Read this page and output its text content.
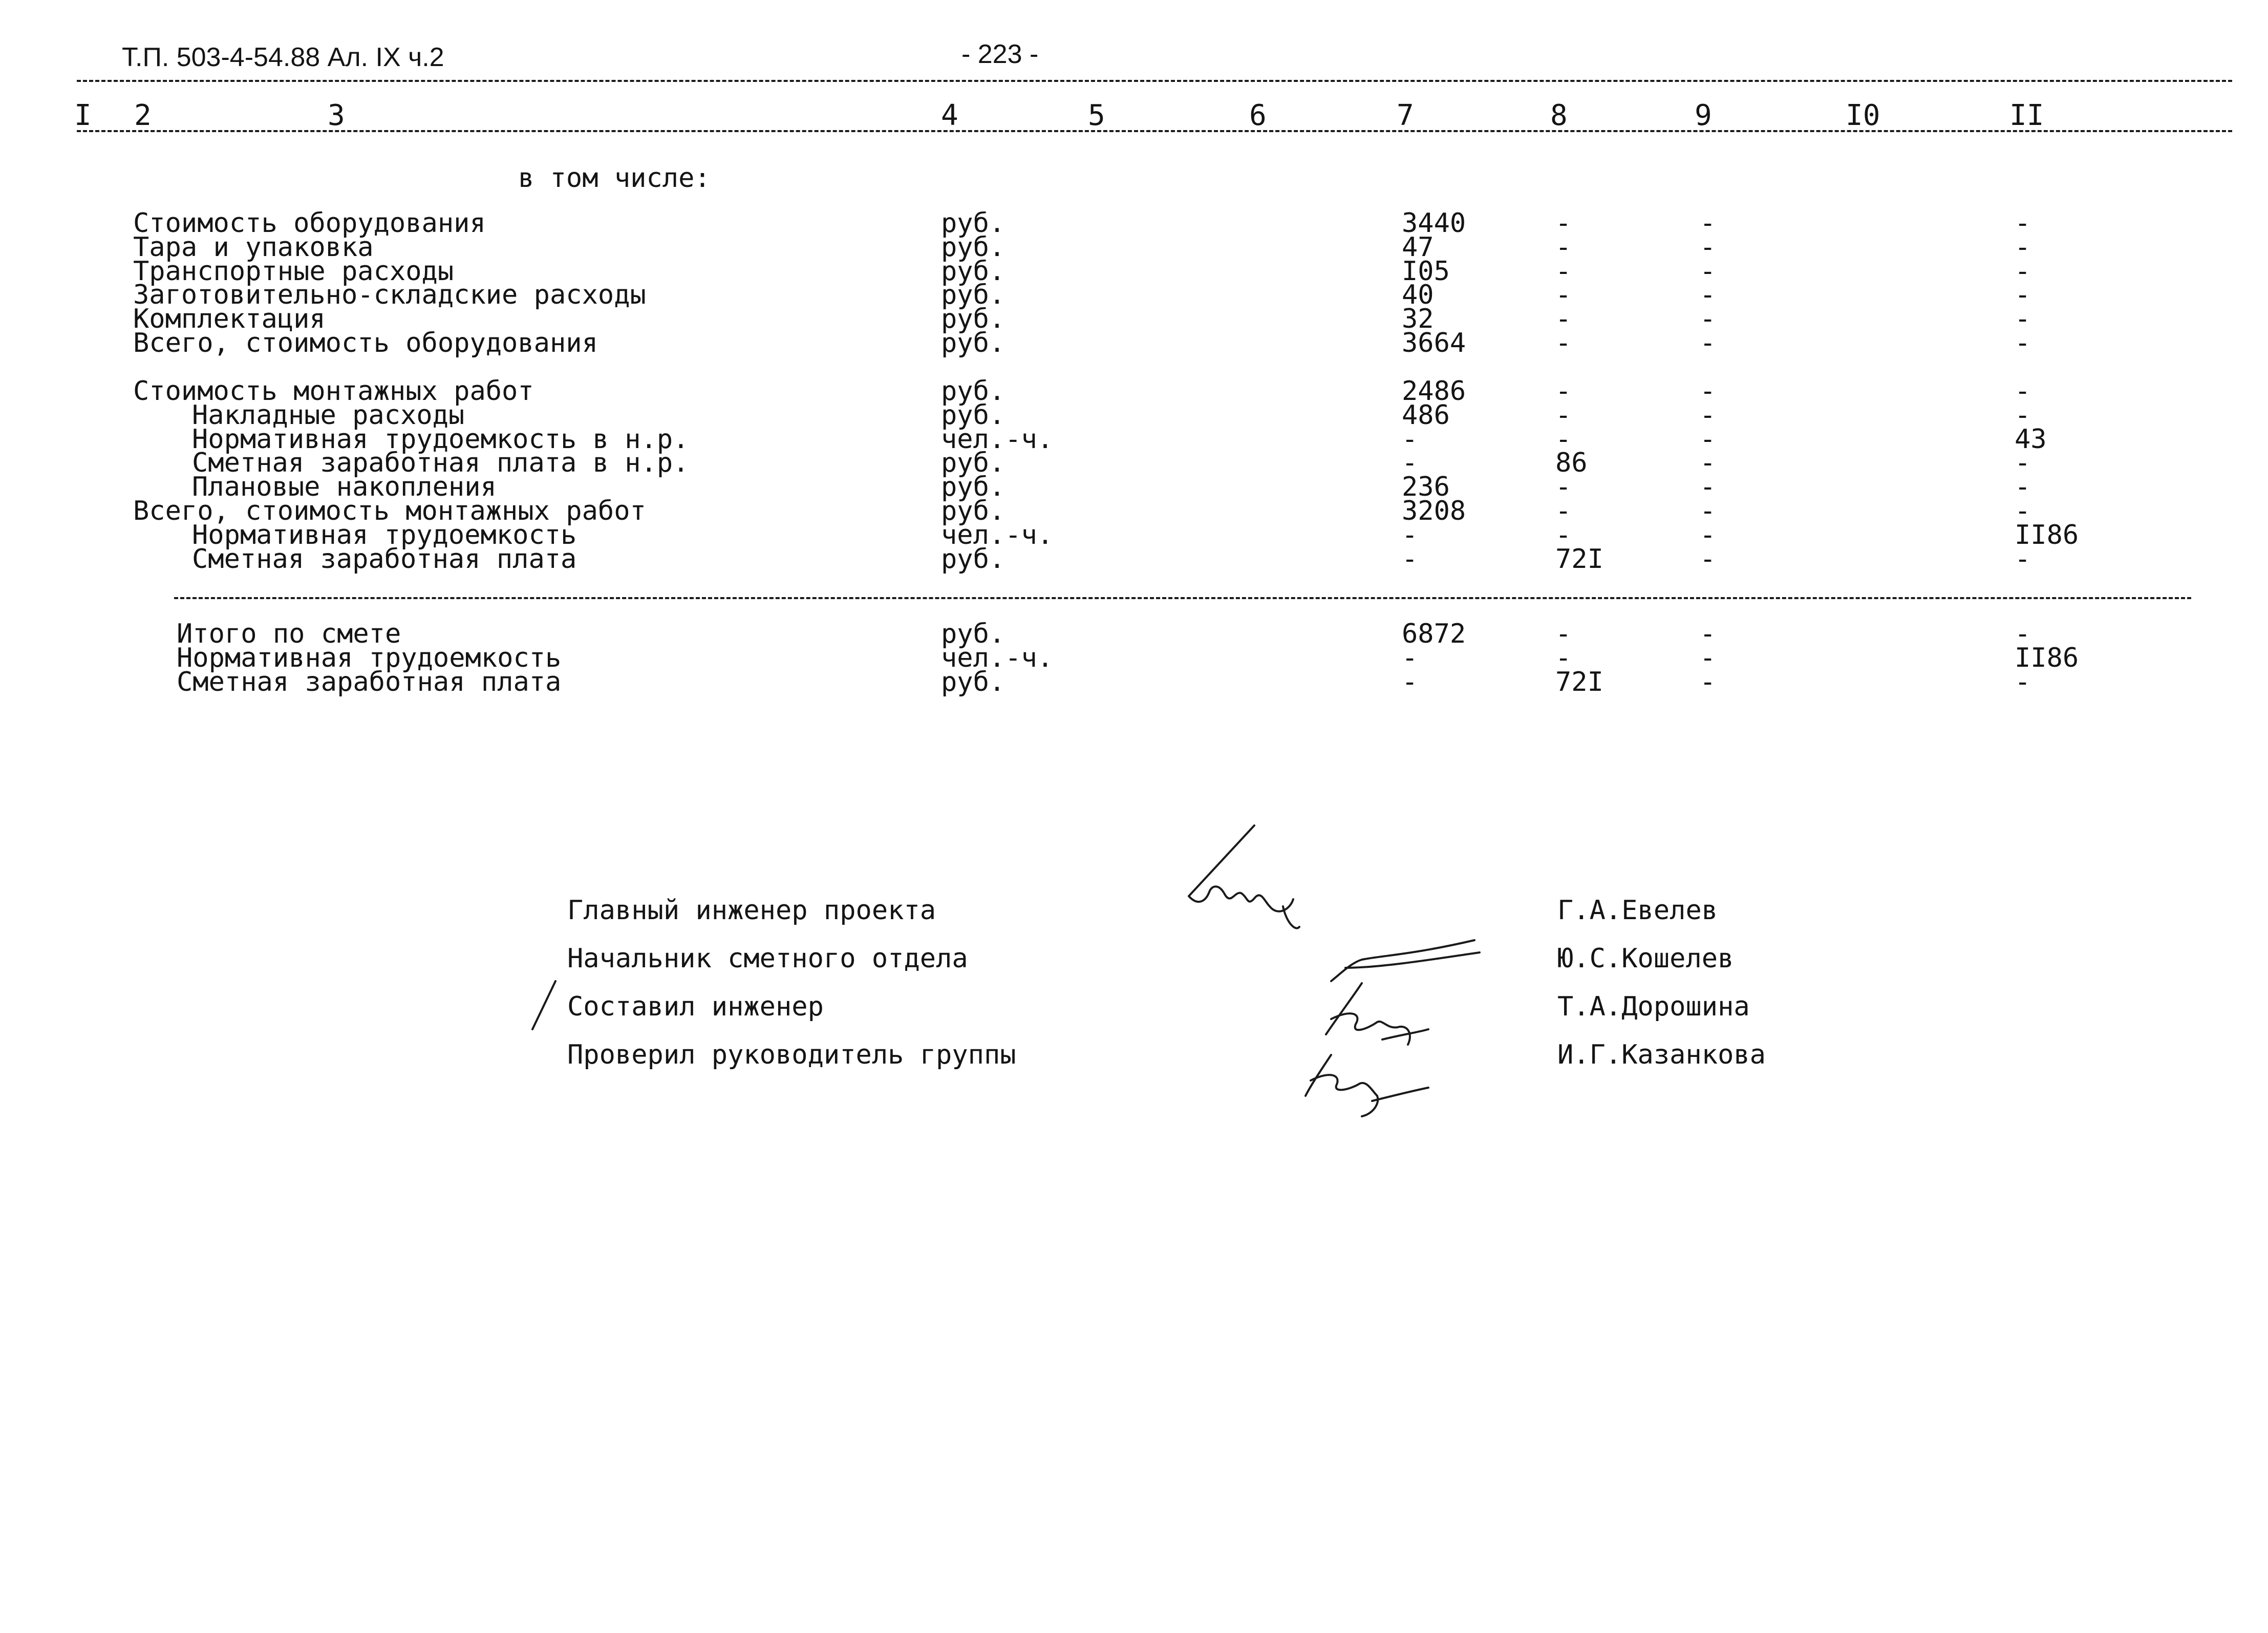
Т.П. 503-4-54.88 Ал. IX ч.2	- 223 -
I 2	3	4	5	6	7	8	9	I0	II
в том числе:
Стоимость оборудования	руб.	3440	-	-	-
Тара и упаковка	руб.	47	-	-	-
Транспортные расходы	руб.	I05	-	-	-
Заготовительно-складские расходы	руб.	40	-	-	-
Комплектация	руб.	32	-	-	-
Всего, стоимость оборудования	руб.	3664	-	-	-
Стоимость монтажных работ	руб.	2486	-	-	-
Накладные расходы	руб.	486	-	-	-
Нормативная трудоемкость в н.р.	чел.-ч.	-	-	-	43
Сметная заработная плата в н.р.	руб.	-	86	-	-
Плановые накопления	руб.	236	-	-	-
Всего, стоимость монтажных работ	руб.	3208	-	-	-
Нормативная трудоемкость	чел.-ч.	-	-	-	II86
Сметная заработная плата	руб.	-	72I	-	-
Итого по смете	руб.	6872	-	-	-
Нормативная трудоемкость	чел.-ч.	-	-	-	II86
Сметная заработная плата	руб.	-	72I	-	-
Главный инженер проекта	Г.А.Евелев
Начальник сметного отдела	Ю.С.Кошелев
Составил инженер	Т.А.Дорошина
Проверил руководитель группы	И.Г.Казанкова
